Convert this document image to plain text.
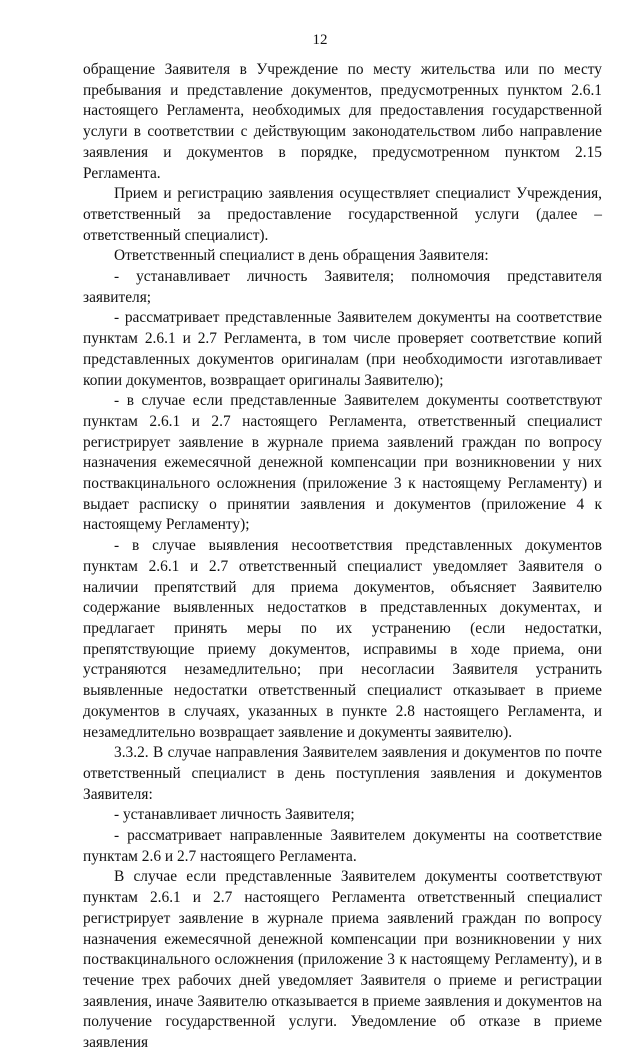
12

обращение Заявителя в Учреждение по месту жительства или по месту пребывания и представление документов, предусмотренных пунктом 2.6.1 настоящего Регламента, необходимых для предоставления государственной услуги в соответствии с действующим законодательством либо направление заявления и документов в порядке, предусмотренном пунктом 2.15 Регламента.

Прием и регистрацию заявления осуществляет специалист Учреждения, ответственный за предоставление государственной услуги (далее – ответственный специалист).

Ответственный специалист в день обращения Заявителя:

- устанавливает личность Заявителя; полномочия представителя заявителя;

- рассматривает представленные Заявителем документы на соответствие пунктам 2.6.1 и 2.7 Регламента, в том числе проверяет соответствие копий представленных документов оригиналам (при необходимости изготавливает копии документов, возвращает оригиналы Заявителю);

- в случае если представленные Заявителем документы соответствуют пунктам 2.6.1 и 2.7 настоящего Регламента, ответственный специалист регистрирует заявление в журнале приема заявлений граждан по вопросу назначения ежемесячной денежной компенсации при возникновении у них поствакцинального осложнения (приложение 3 к настоящему Регламенту) и выдает расписку о принятии заявления и документов (приложение 4 к настоящему Регламенту);

- в случае выявления несоответствия представленных документов пунктам 2.6.1 и 2.7 ответственный специалист уведомляет Заявителя о наличии препятствий для приема документов, объясняет Заявителю содержание выявленных недостатков в представленных документах, и предлагает принять меры по их устранению (если недостатки, препятствующие приему документов, исправимы в ходе приема, они устраняются незамедлительно; при несогласии Заявителя устранить выявленные недостатки ответственный специалист отказывает в приеме документов в случаях, указанных в пункте 2.8 настоящего Регламента, и незамедлительно возвращает заявление и документы заявителю).

3.3.2. В случае направления Заявителем заявления и документов по почте ответственный специалист в день поступления заявления и документов Заявителя:

- устанавливает личность Заявителя;

- рассматривает направленные Заявителем документы на соответствие пунктам 2.6 и 2.7 настоящего Регламента.

В случае если представленные Заявителем документы соответствуют пунктам 2.6.1 и 2.7 настоящего Регламента ответственный специалист регистрирует заявление в журнале приема заявлений граждан по вопросу назначения ежемесячной денежной компенсации при возникновении у них поствакцинального осложнения (приложение 3 к настоящему Регламенту), и в течение трех рабочих дней уведомляет Заявителя о приеме и регистрации заявления, иначе Заявителю отказывается в приеме заявления и документов на получение государственной услуги. Уведомление об отказе в приеме заявления
